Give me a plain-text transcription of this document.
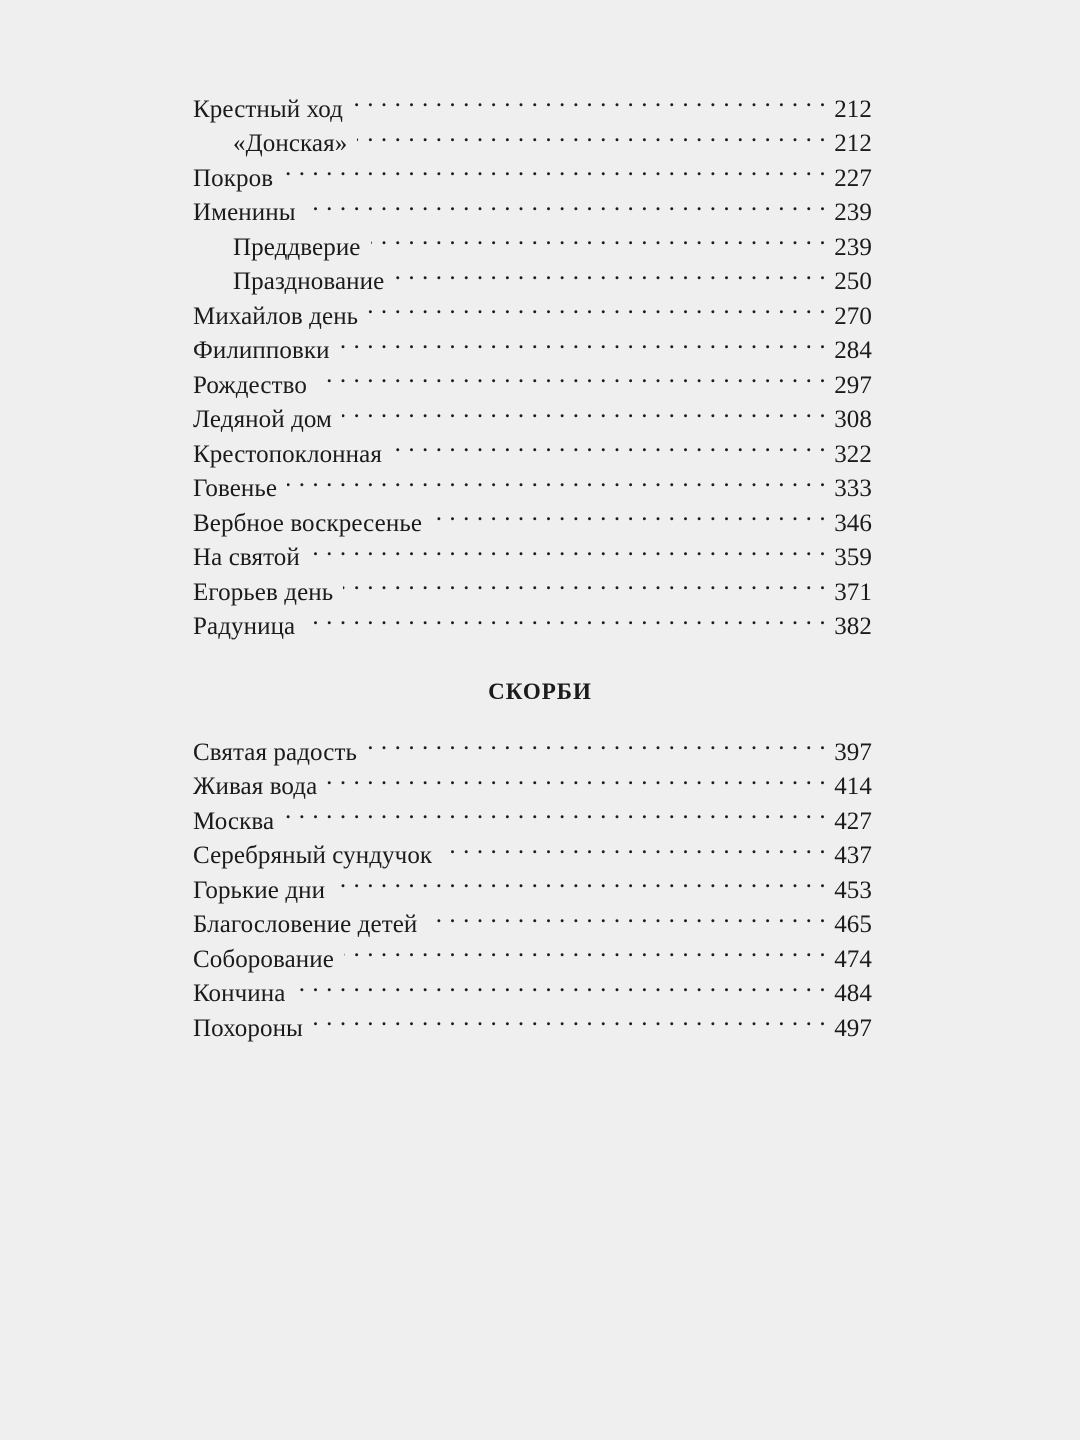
Крестный ход . . .	212
«Донская» . . .	212
Покров . . .	227
Именины . . .	239
Преддверие . . .	239
Празднование . . .	250
Михайлов день . . .	270
Филипповки . . .	284
Рождество . . .	297
Ледяной дом . . .	308
Крестопоклонная . . .	322
Говенье . . .	333
Вербное воскресенье . . .	346
На святой . . .	359
Егорьев день . . .	371
Радуница . . .	382
СКОРБИ
Святая радость . . .	397
Живая вода . . .	414
Москва . . .	427
Серебряный сундучок . . .	437
Горькие дни . . .	453
Благословение детей . . .	465
Соборование . . .	474
Кончина . . .	484
Похороны . . .	497
